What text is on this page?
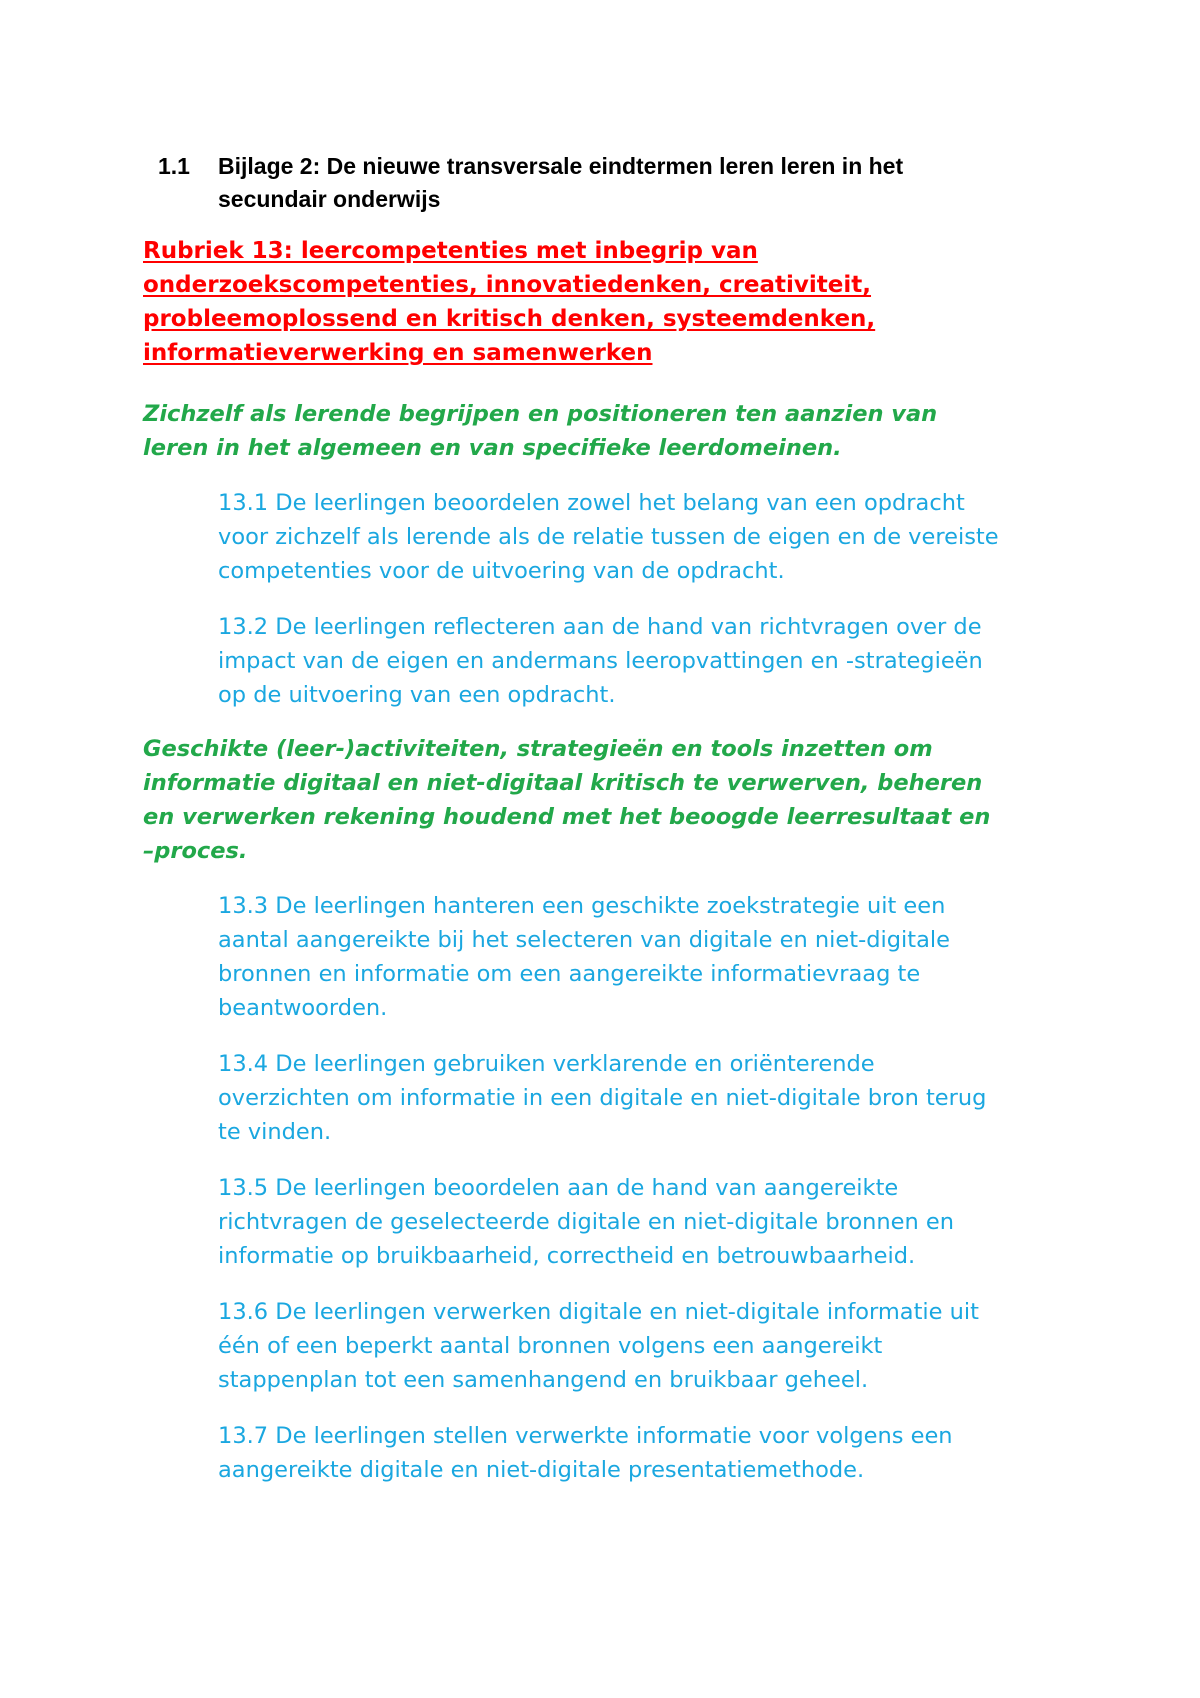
1.1	Bijlage 2: De nieuwe transversale eindtermen leren leren in het
secundair onderwijs
Rubriek 13: leercompetenties met inbegrip van
onderzoekscompetenties, innovatiedenken, creativiteit,
probleemoplossend en kritisch denken, systeemdenken,
informatieverwerking en samenwerken
Zichzelf als lerende begrijpen en positioneren ten aanzien van
leren in het algemeen en van specifieke leerdomeinen.
13.1 De leerlingen beoordelen zowel het belang van een opdracht
voor zichzelf als lerende als de relatie tussen de eigen en de vereiste
competenties voor de uitvoering van de opdracht.
13.2 De leerlingen reflecteren aan de hand van richtvragen over de
impact van de eigen en andermans leeropvattingen en -strategieën
op de uitvoering van een opdracht.
Geschikte (leer-)activiteiten, strategieën en tools inzetten om
informatie digitaal en niet-digitaal kritisch te verwerven, beheren
en verwerken rekening houdend met het beoogde leerresultaat en
–proces.
13.3 De leerlingen hanteren een geschikte zoekstrategie uit een
aantal aangereikte bij het selecteren van digitale en niet-digitale
bronnen en informatie om een aangereikte informatievraag te
beantwoorden.
13.4 De leerlingen gebruiken verklarende en oriënterende
overzichten om informatie in een digitale en niet-digitale bron terug
te vinden.
13.5 De leerlingen beoordelen aan de hand van aangereikte
richtvragen de geselecteerde digitale en niet-digitale bronnen en
informatie op bruikbaarheid, correctheid en betrouwbaarheid.
13.6 De leerlingen verwerken digitale en niet-digitale informatie uit
één of een beperkt aantal bronnen volgens een aangereikt
stappenplan tot een samenhangend en bruikbaar geheel.
13.7 De leerlingen stellen verwerkte informatie voor volgens een
aangereikte digitale en niet-digitale presentatiemethode.
